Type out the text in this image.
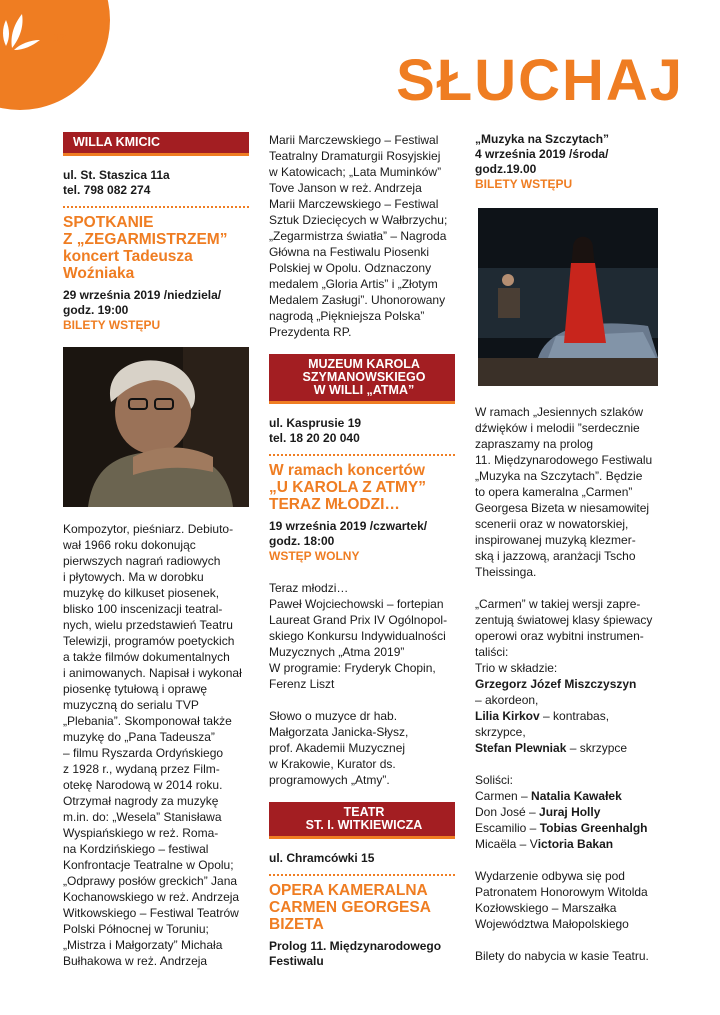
17
SŁUCHAJ
WILLA KMICIC
ul. St. Staszica 11a
tel. 798 082 274
SPOTKANIE
Z „ZEGARMISTRZEM”
koncert Tadeusza
Woźniaka
29 września 2019 /niedziela/
godz. 19:00
BILETY WSTĘPU
Kompozytor, pieśniarz. Debiuto-
wał 1966 roku dokonując
pierwszych nagrań radiowych
i płytowych. Ma w dorobku
muzykę do kilkuset piosenek,
blisko 100 inscenizacji teatral-
nych, wielu przedstawień Teatru
Telewizji, programów poetyckich
a także filmów dokumentalnych
i animowanych. Napisał i wykonał
piosenkę tytułową i oprawę
muzyczną do serialu TVP
„Plebania”. Skomponował także
muzykę do „Pana Tadeusza”
– filmu Ryszarda Ordyńskiego
z 1928 r., wydaną przez Film-
otekę Narodową w 2014 roku.
Otrzymał nagrody za muzykę
m.in. do: „Wesela” Stanisława
Wyspiańskiego w reż. Roma-
na Kordzińskiego – festiwal
Konfrontacje Teatralne w Opolu;
„Odprawy posłów greckich” Jana
Kochanowskiego w reż. Andrzeja
Witkowskiego – Festiwal Teatrów
Polski Północnej w Toruniu;
„Mistrza i Małgorzaty” Michała
Bułhakowa w reż. Andrzeja
Marii Marczewskiego – Festiwal
Teatralny Dramaturgii Rosyjskiej
w Katowicach; „Lata Muminków”
Tove Janson w reż. Andrzeja
Marii Marczewskiego – Festiwal
Sztuk Dziecięcych w Wałbrzychu;
„Zegarmistrza światła” – Nagroda
Główna na Festiwalu Piosenki
Polskiej w Opolu. Odznaczony
medalem „Gloria Artis” i „Złotym
Medalem Zasługi”. Uhonorowany
nagrodą „Piękniejsza Polska”
Prezydenta RP.
MUZEUM KAROLA
SZYMANOWSKIEGO
W WILLI „ATMA”
ul. Kasprusie 19
tel. 18 20 20 040
W ramach koncertów
„U KAROLA Z ATMY”
TERAZ MŁODZI…
19 września 2019 /czwartek/
godz. 18:00
WSTĘP WOLNY

Teraz młodzi…
Paweł Wojciechowski – fortepian
Laureat Grand Prix IV Ogólnopol-
skiego Konkursu Indywidualności
Muzycznych „Atma 2019”
W programie: Fryderyk Chopin,
Ferenz Liszt

Słowo o muzyce dr hab.
Małgorzata Janicka-Słysz,
prof. Akademii Muzycznej
w Krakowie, Kurator ds.
programowych „Atmy”.

TEATR
ST. I. WITKIEWICZA
ul. Chramcówki 15
OPERA KAMERALNA
CARMEN GEORGESA
BIZETA
Prolog 11. Międzynarodowego
Festiwalu
„Muzyka na Szczytach”
4 września 2019 /środa/
godz.19.00
BILETY WSTĘPU

W ramach „Jesiennych szlaków
dźwięków i melodii ”serdecznie
zapraszamy na prolog
11. Międzynarodowego Festiwalu
„Muzyka na Szczytach”. Będzie
to opera kameralna „Carmen”
Georgesa Bizeta w niesamowitej
scenerii oraz w nowatorskiej,
inspirowanej muzyką klezmer-
ską i jazzową, aranżacji Tscho
Theissinga.

„Carmen” w takiej wersji zapre-
zentują światowej klasy śpiewacy
operowi oraz wybitni instrumen-
taliści:
Trio w składzie:
Grzegorz Józef Miszczyszyn
– akordeon,
Lilia Kirkov – kontrabas, skrzypce,
Stefan Plewniak – skrzypce

Soliści:
Carmen – Natalia Kawałek
Don José – Juraj Holly
Escamilio – Tobias Greenhalgh
Micaëla – Victoria Bakan

Wydarzenie odbywa się pod
Patronatem Honorowym Witolda
Kozłowskiego – Marszałka
Województwa Małopolskiego

Bilety do nabycia w kasie Teatru.
